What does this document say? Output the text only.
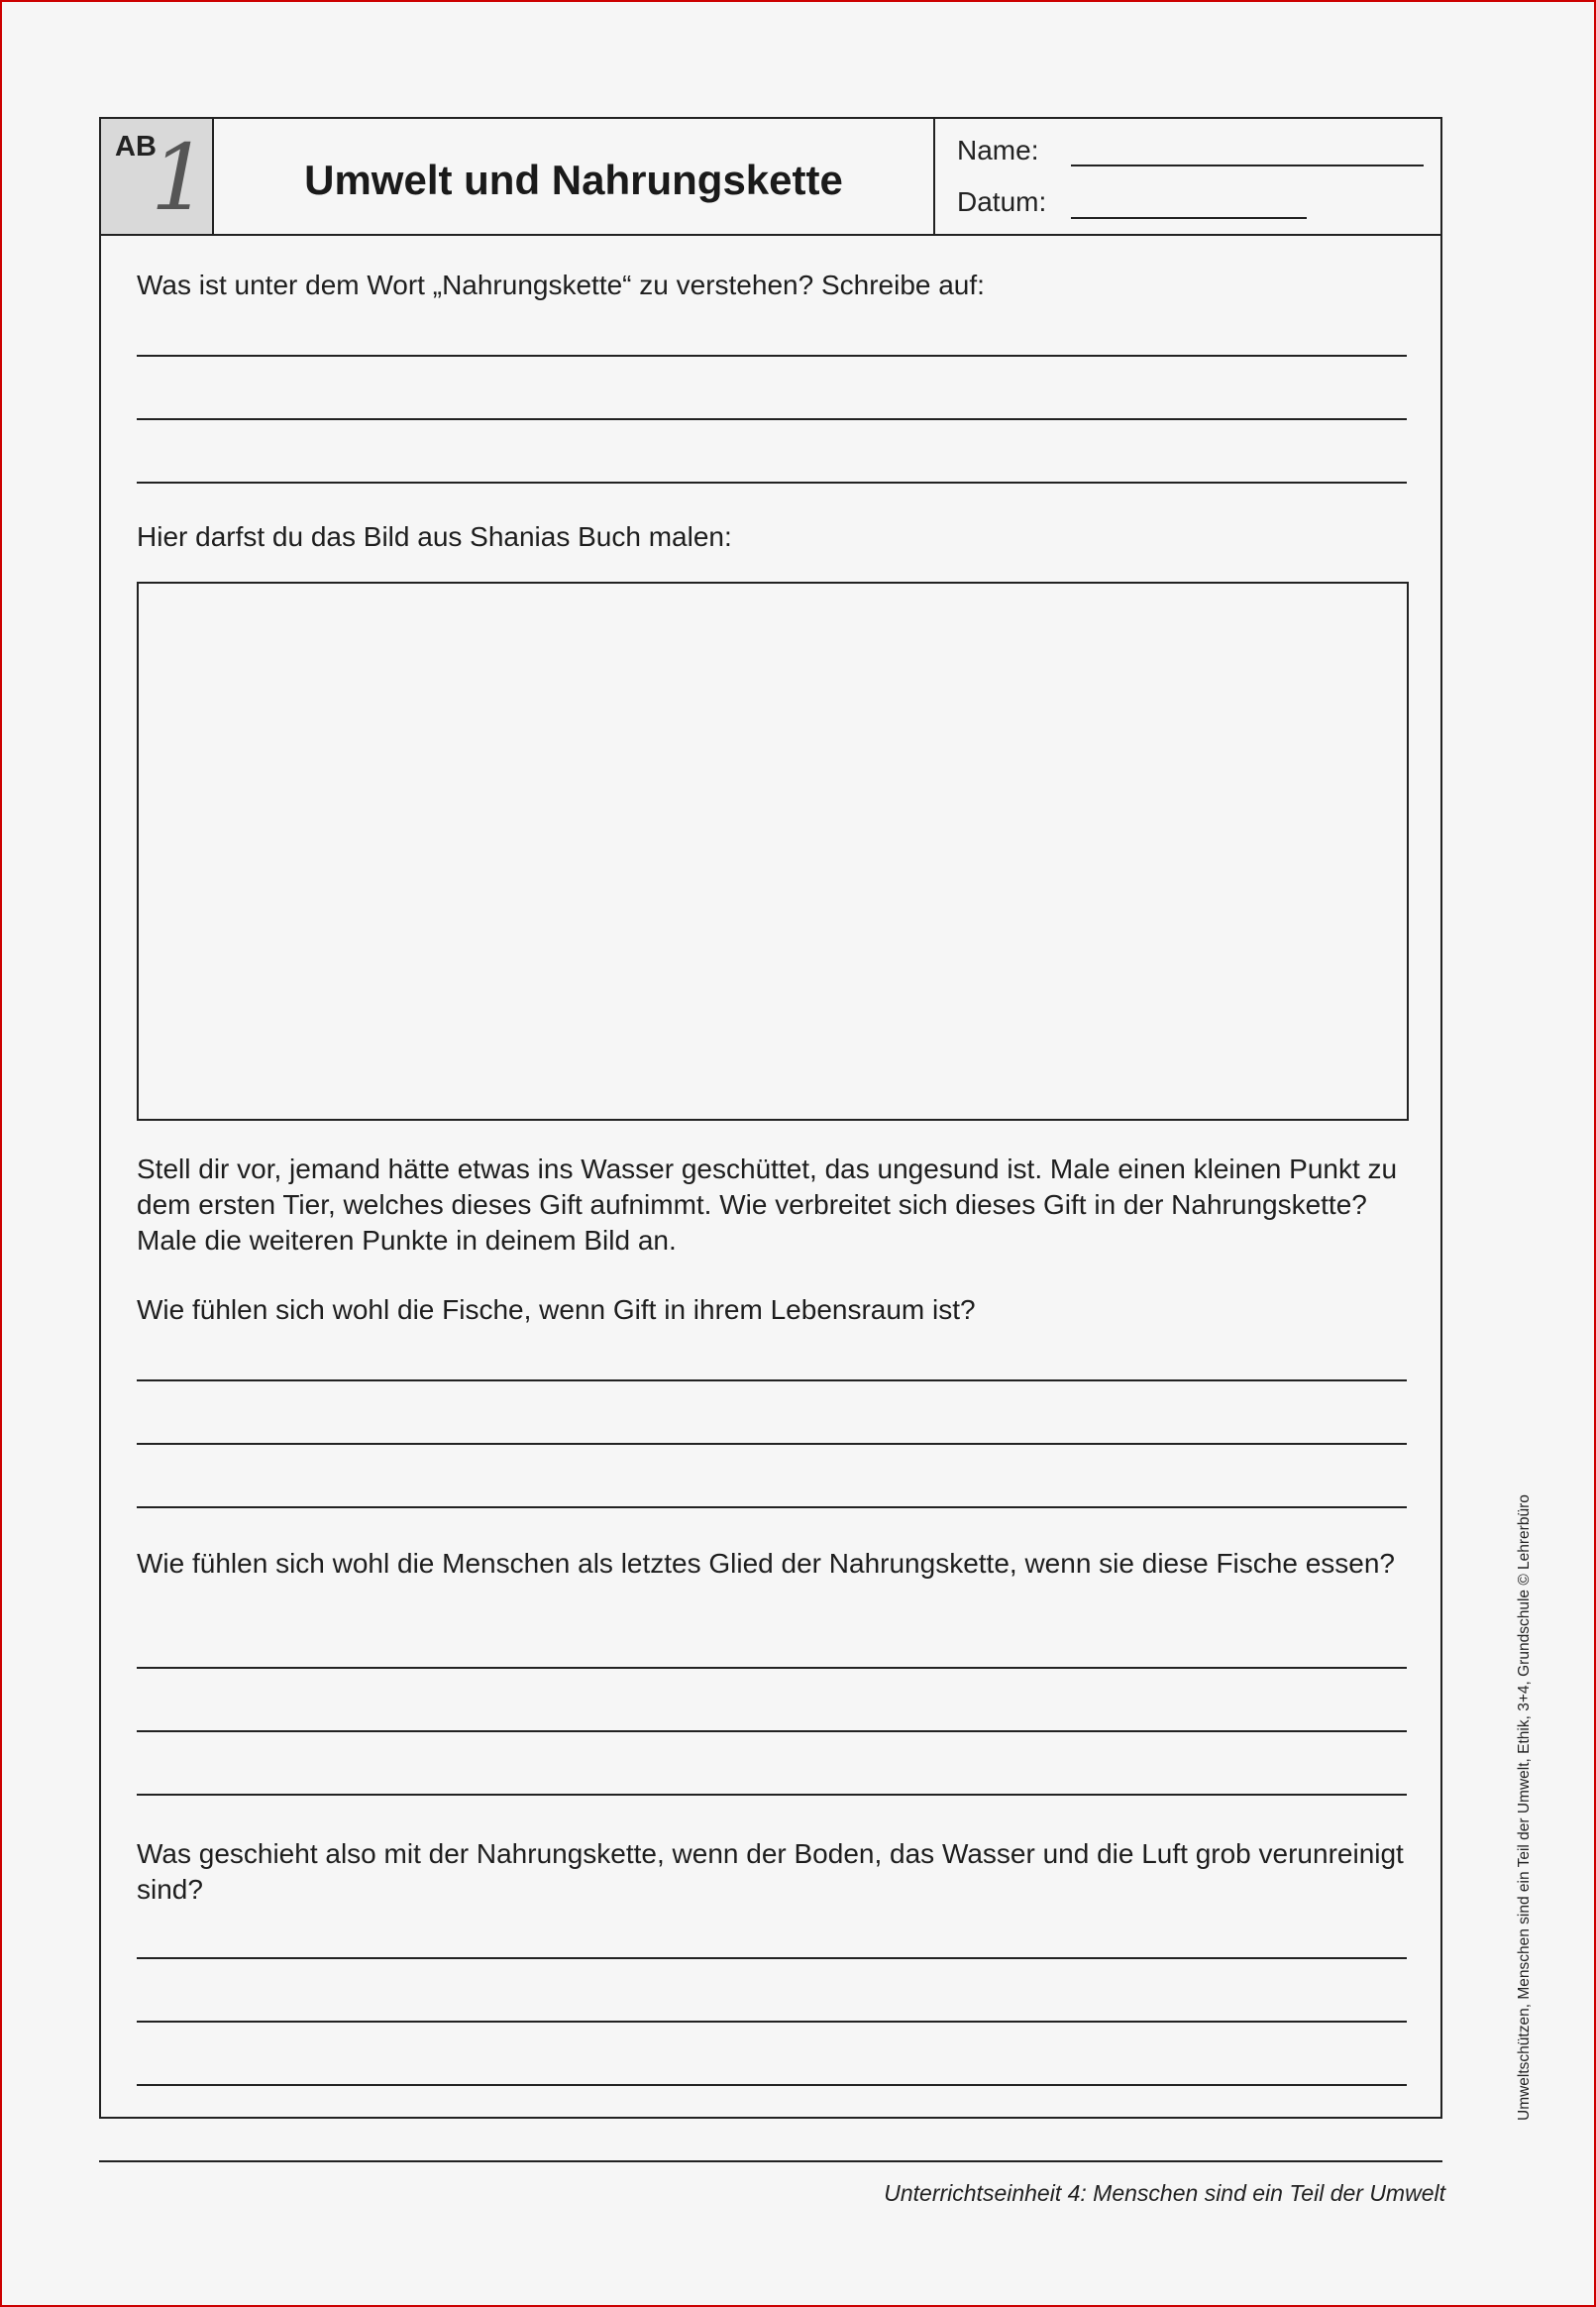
AB
1 Umwelt und Nahrungskette
Name:
Datum:
Was ist unter dem Wort „Nahrungskette“ zu verstehen? Schreibe auf:
Hier darfst du das Bild aus Shanias Buch malen:
Stell dir vor, jemand hätte etwas ins Wasser geschüttet, das ungesund ist. Male einen kleinen Punkt zu dem ersten Tier, welches dieses Gift aufnimmt. Wie verbreitet sich dieses Gift in der Nahrungskette? Male die weiteren Punkte in deinem Bild an.
Wie fühlen sich wohl die Fische, wenn Gift in ihrem Lebensraum ist?
Wie fühlen sich wohl die Menschen als letztes Glied der Nahrungskette, wenn sie diese Fische essen?
Was geschieht also mit der Nahrungskette, wenn der Boden, das Wasser und die Luft grob verunreinigt sind?
Unterrichtseinheit 4: Menschen sind ein Teil der Umwelt
Umweltschützen, Menschen sind ein Teil der Umwelt, Ethik, 3+4, Grundschule © Lehrerbüro
